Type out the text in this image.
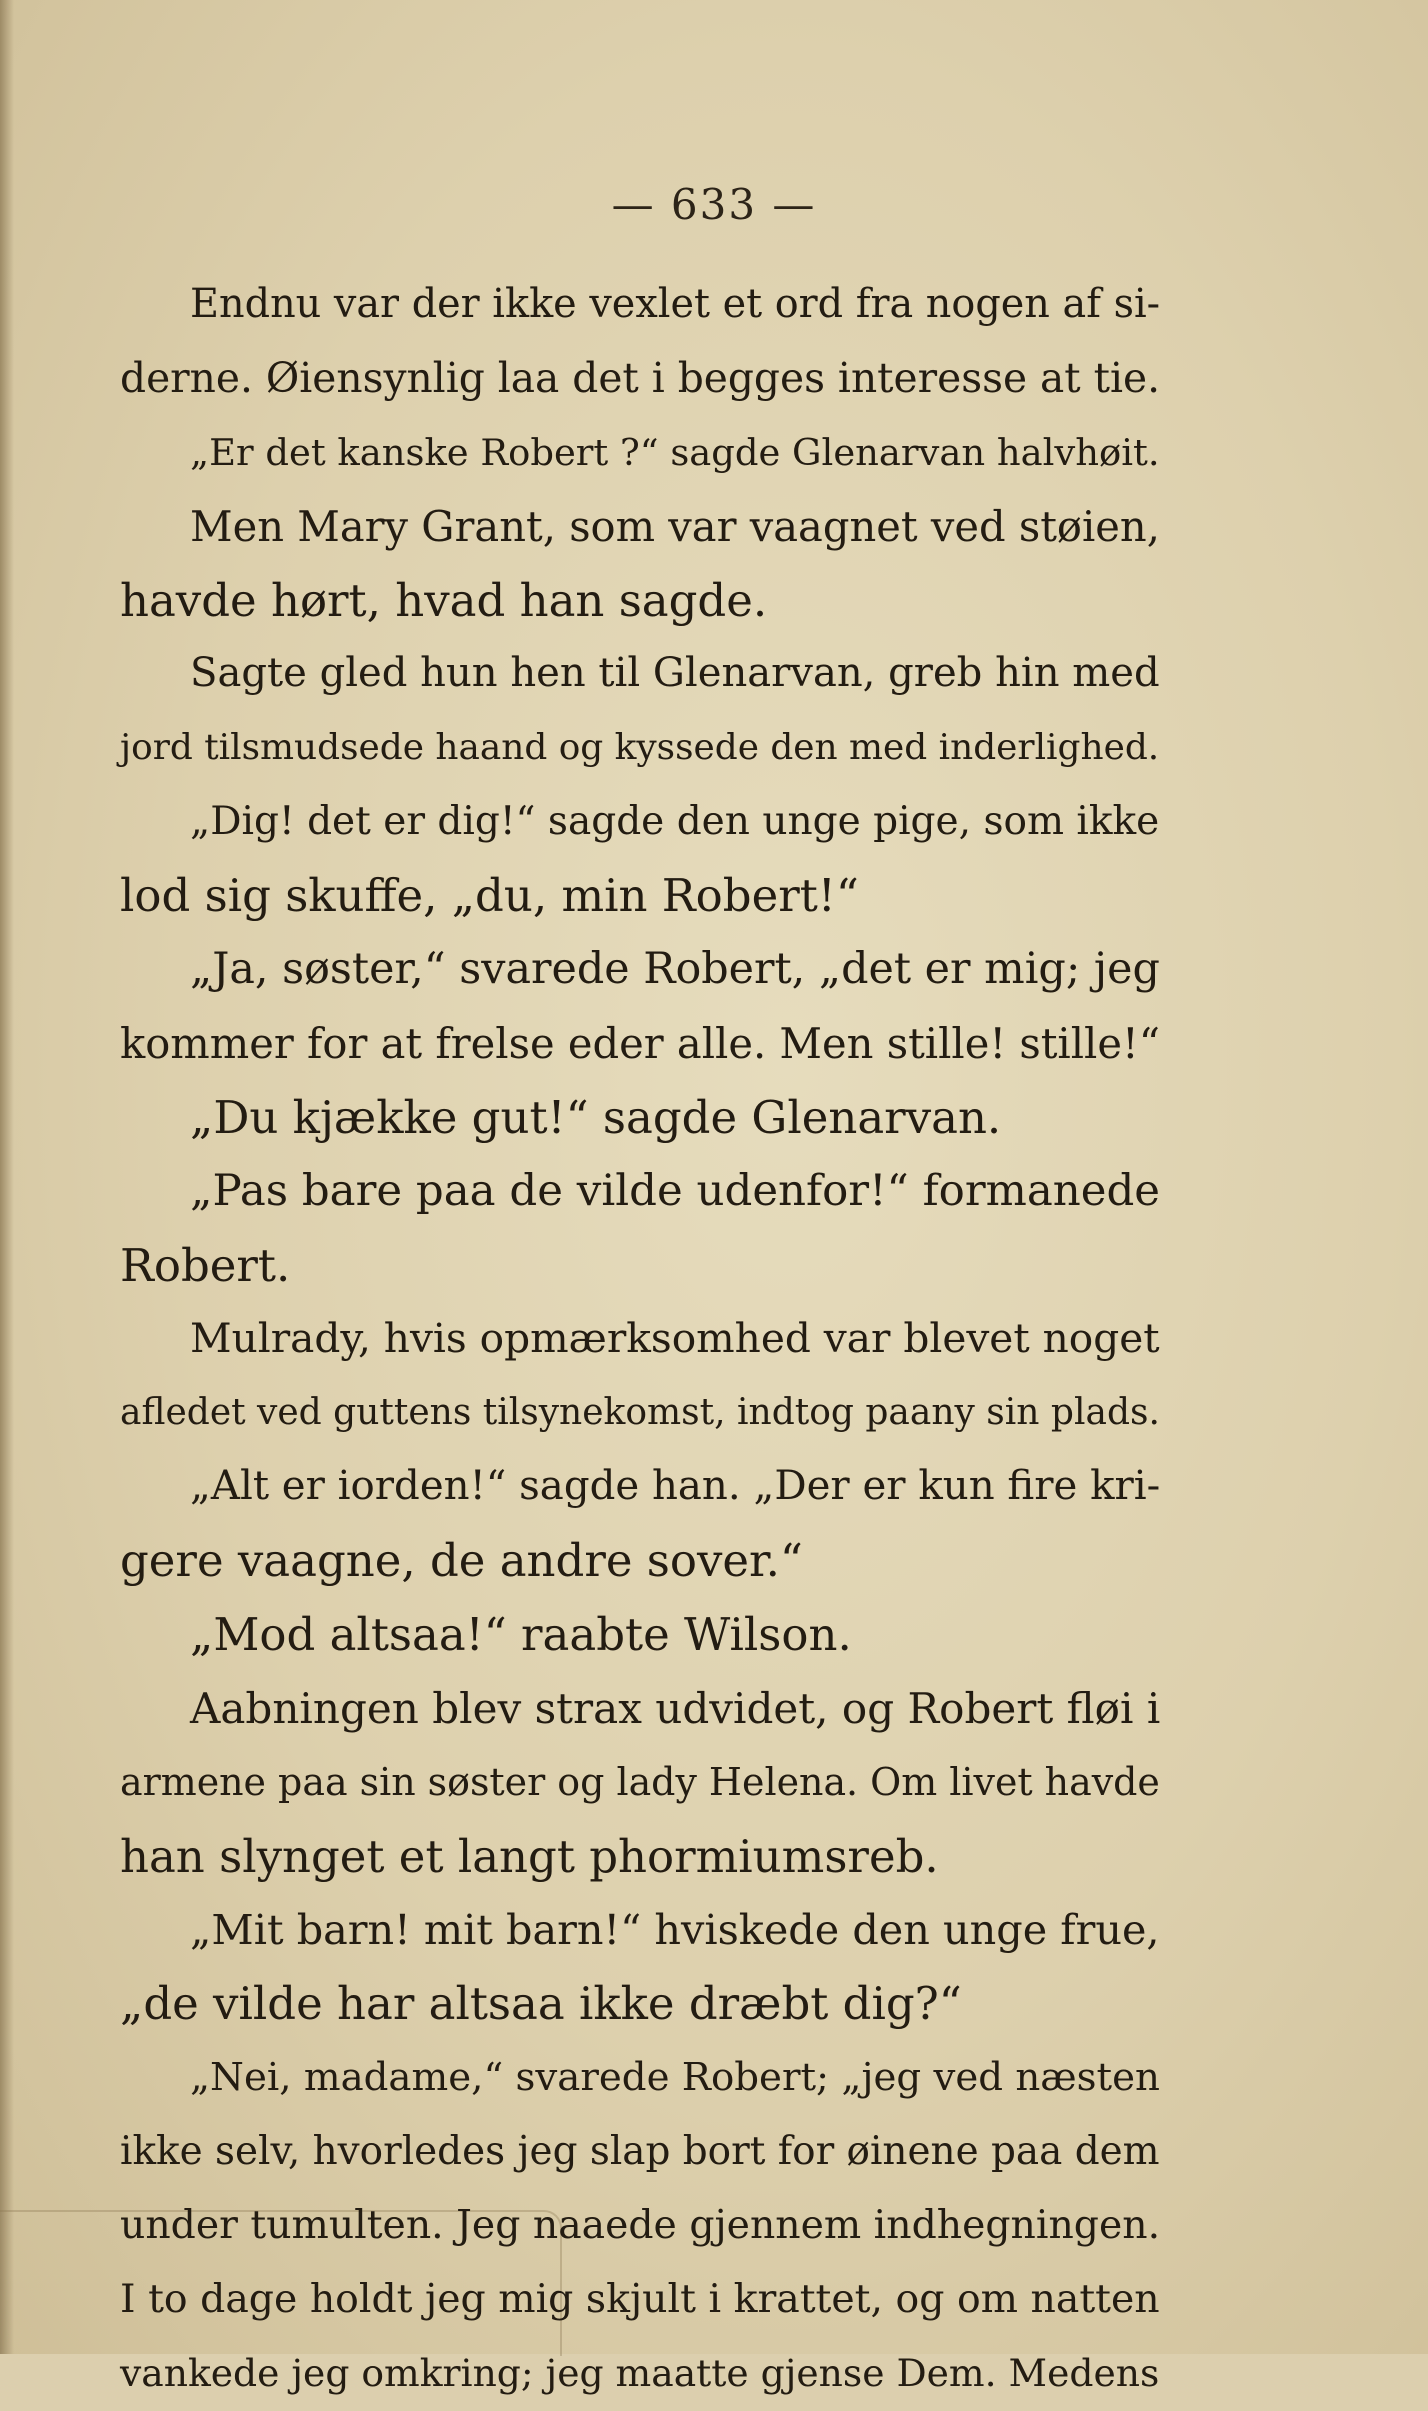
— 633 —
Endnu var der ikke vexlet et ord fra nogen af si-
derne. Øiensynlig laa det i begges interesse at tie.
„Er det kanske Robert ?“ sagde Glenarvan halvhøit.
Men Mary Grant, som var vaagnet ved støien,
havde hørt, hvad han sagde.
Sagte gled hun hen til Glenarvan, greb hin med
jord tilsmudsede haand og kyssede den med inderlighed.
„Dig! det er dig!“ sagde den unge pige, som ikke
lod sig skuffe, „du, min Robert!“
„Ja, søster,“ svarede Robert, „det er mig; jeg
kommer for at frelse eder alle. Men stille! stille!“
„Du kjække gut!“ sagde Glenarvan.
„Pas bare paa de vilde udenfor!“ formanede
Robert.
Mulrady, hvis opmærksomhed var blevet noget
afledet ved guttens tilsynekomst, indtog paany sin plads.
„Alt er iorden!“ sagde han. „Der er kun fire kri-
gere vaagne, de andre sover.“
„Mod altsaa!“ raabte Wilson.
Aabningen blev strax udvidet, og Robert fløi i
armene paa sin søster og lady Helena. Om livet havde
han slynget et langt phormiumsreb.
„Mit barn! mit barn!“ hviskede den unge frue,
„de vilde har altsaa ikke dræbt dig?“
„Nei, madame,“ svarede Robert; „jeg ved næsten
ikke selv, hvorledes jeg slap bort for øinene paa dem
under tumulten. Jeg naaede gjennem indhegningen.
I to dage holdt jeg mig skjult i krattet, og om natten
vankede jeg omkring; jeg maatte gjense Dem. Medens
